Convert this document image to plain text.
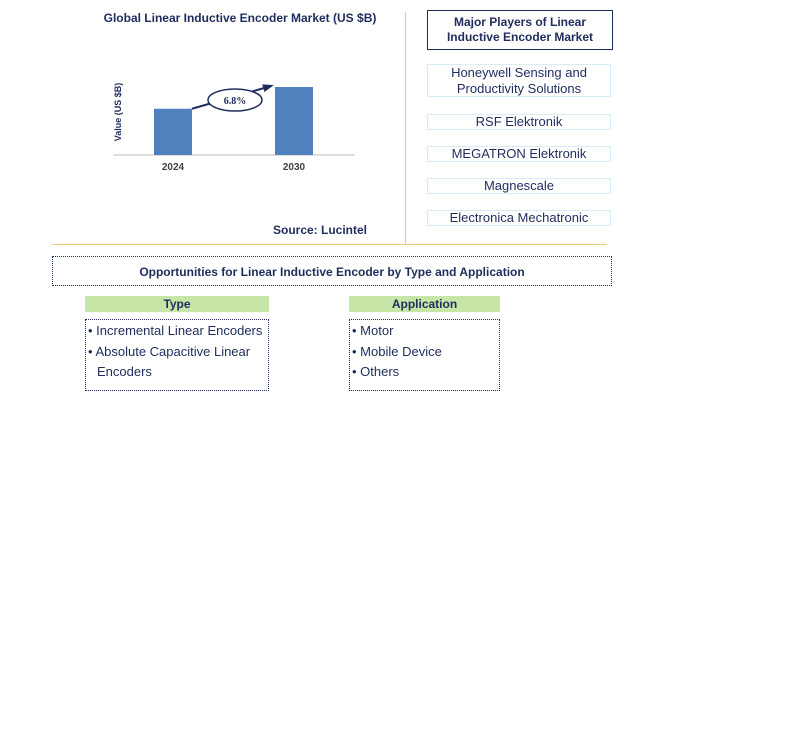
Global Linear Inductive Encoder Market (US $B)
Value (US $B)
2024	2030
6.8%
Source: Lucintel
Major Players of Linear Inductive Encoder Market
Honeywell Sensing and Productivity Solutions
RSF Elektronik
MEGATRON Elektronik
Magnescale
Electronica Mechatronic
Opportunities for Linear Inductive Encoder by Type and Application
Type
• Incremental Linear Encoders
• Absolute Capacitive Linear Encoders
Application
• Motor
• Mobile Device
• Others
